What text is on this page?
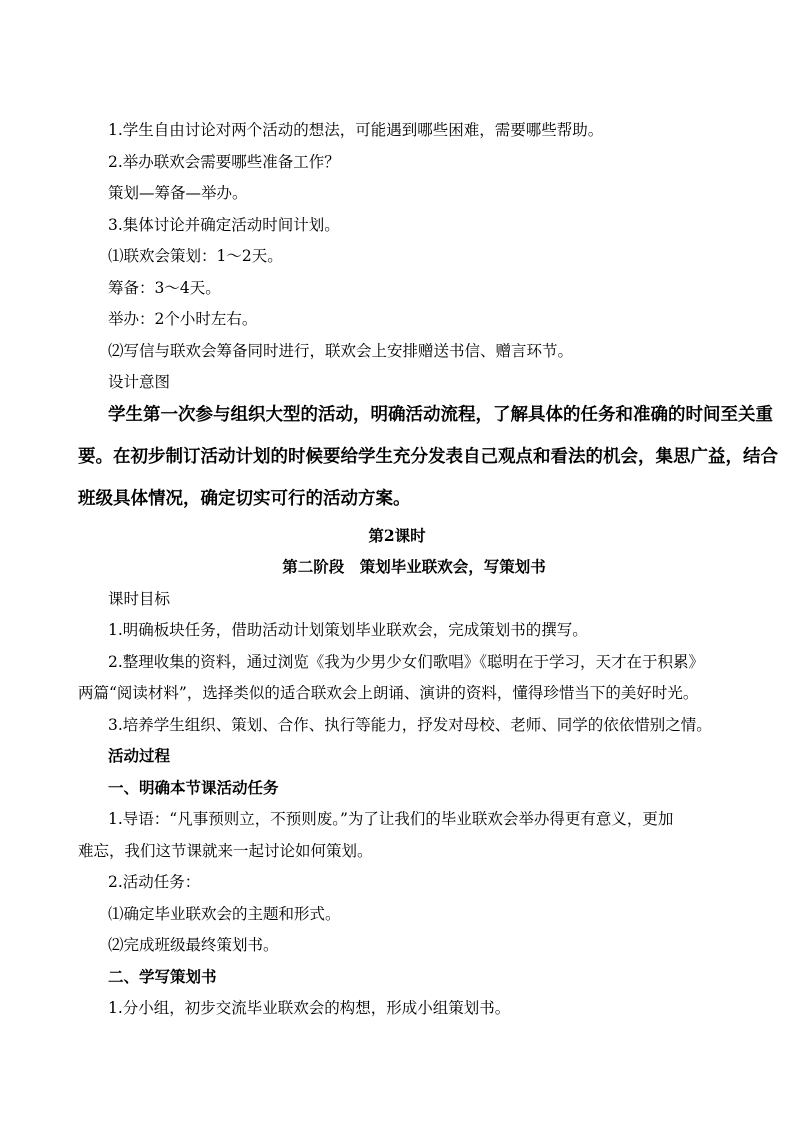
1.学生自由讨论对两个活动的想法，可能遇到哪些困难，需要哪些帮助。
2.举办联欢会需要哪些准备工作？
策划—筹备—举办。
3.集体讨论并确定活动时间计划。
⑴联欢会策划：1～2天。
筹备：3～4天。
举办：2个小时左右。
⑵写信与联欢会筹备同时进行，联欢会上安排赠送书信、赠言环节。
设计意图
学生第一次参与组织大型的活动，明确活动流程，了解具体的任务和准确的时间至关重
要。在初步制订活动计划的时候要给学生充分发表自己观点和看法的机会，集思广益，结合
班级具体情况，确定切实可行的活动方案。
第2课时
第二阶段　策划毕业联欢会，写策划书
课时目标
1.明确板块任务，借助活动计划策划毕业联欢会，完成策划书的撰写。
2.整理收集的资料，通过浏览《我为少男少女们歌唱》《聪明在于学习，天才在于积累》
两篇“阅读材料”，选择类似的适合联欢会上朗诵、演讲的资料，懂得珍惜当下的美好时光。
3.培养学生组织、策划、合作、执行等能力，抒发对母校、老师、同学的依依惜别之情。
活动过程
一、明确本节课活动任务
1.导语：“凡事预则立，不预则废。”为了让我们的毕业联欢会举办得更有意义，更加
难忘，我们这节课就来一起讨论如何策划。
2.活动任务：
⑴确定毕业联欢会的主题和形式。
⑵完成班级最终策划书。
二、学写策划书
1.分小组，初步交流毕业联欢会的构想，形成小组策划书。
